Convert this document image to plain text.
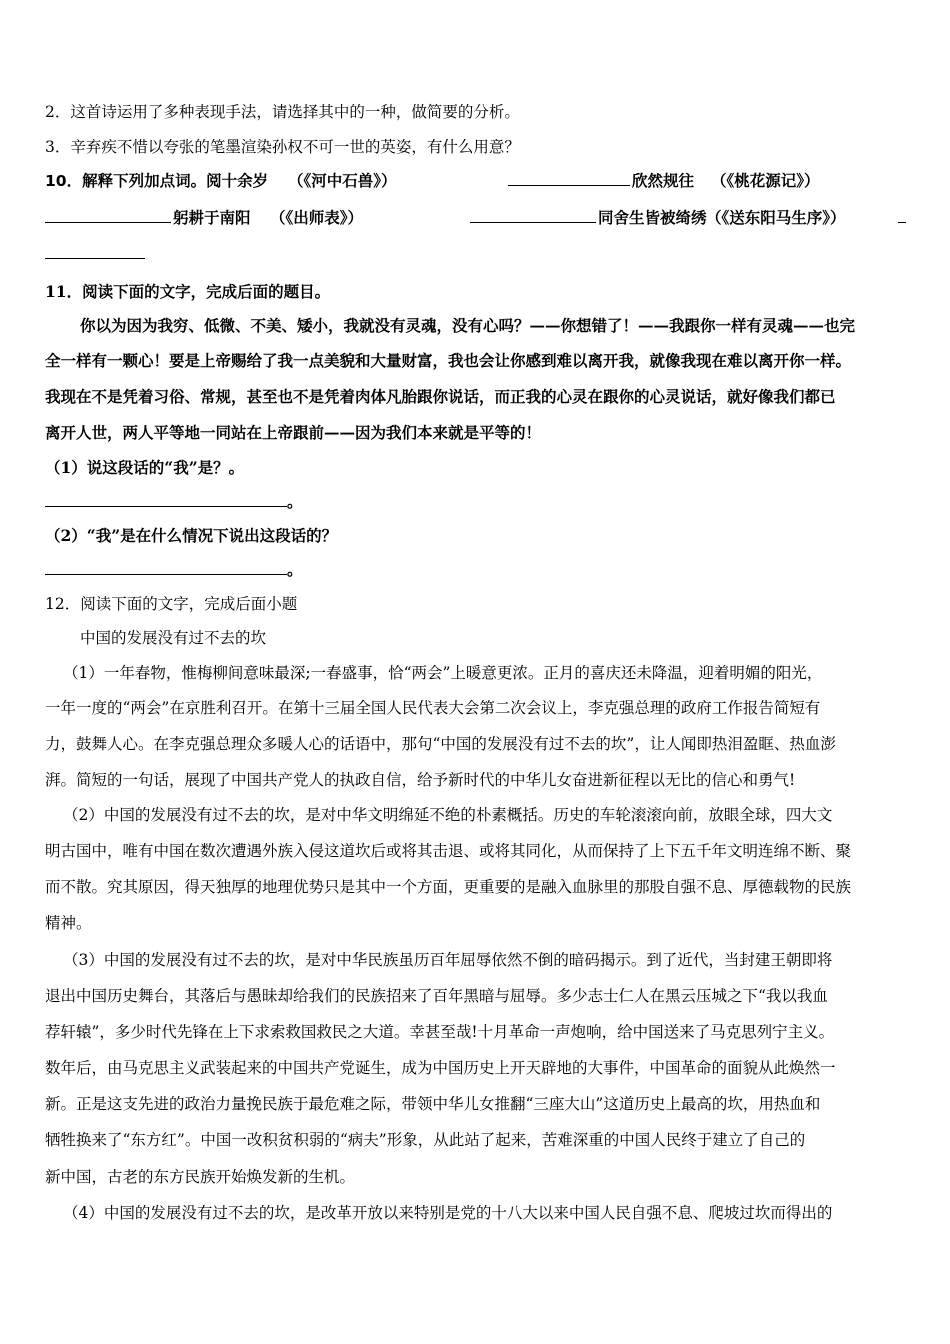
2．这首诗运用了多种表现手法，请选择其中的一种，做简要的分析。
3．辛弃疾不惜以夸张的笔墨渲染孙权不可一世的英姿，有什么用意？
10．解释下列加点词。阅十余岁 （《河中石兽》）	欣然规往 （《桃花源记》）
躬耕于南阳 （《出师表》）	同舍生皆被绮绣 （《送东阳马生序》）
11．阅读下面的文字，完成后面的题目。
你以为因为我穷、低微、不美、矮小，我就没有灵魂，没有心吗？——你想错了！——我跟你一样有灵魂——也完
全一样有一颗心！要是上帝赐给了我一点美貌和大量财富，我也会让你感到难以离开我，就像我现在难以离开你一样。
我现在不是凭着习俗、常规，甚至也不是凭着肉体凡胎跟你说话，而正我的心灵在跟你的心灵说话，就好像我们都已
离开人世，两人平等地一同站在上帝跟前——因为我们本来就是平等的！
（1）说这段话的“我”是？。
。
（2）“我”是在什么情况下说出这段话的？
。
12．阅读下面的文字，完成后面小题
中国的发展没有过不去的坎
（1）一年春物，惟梅柳间意味最深;一春盛事，恰“两会”上暖意更浓。正月的喜庆还未降温，迎着明媚的阳光，
一年一度的“两会”在京胜利召开。在第十三届全国人民代表大会第二次会议上，李克强总理的政府工作报告简短有
力，鼓舞人心。在李克强总理众多暖人心的话语中，那句“中国的发展没有过不去的坎”，让人闻即热泪盈眶、热血澎
湃。简短的一句话，展现了中国共产党人的执政自信，给予新时代的中华儿女奋进新征程以无比的信心和勇气!
（2）中国的发展没有过不去的坎，是对中华文明绵延不绝的朴素概括。历史的车轮滚滚向前，放眼全球，四大文
明古国中，唯有中国在数次遭遇外族入侵这道坎后或将其击退、或将其同化，从而保持了上下五千年文明连绵不断、聚
而不散。究其原因，得天独厚的地理优势只是其中一个方面，更重要的是融入血脉里的那股自强不息、厚德载物的民族
精神。
（3）中国的发展没有过不去的坎，是对中华民族虽历百年屈辱依然不倒的暗码揭示。到了近代，当封建王朝即将
退出中国历史舞台，其落后与愚昧却给我们的民族招来了百年黑暗与屈辱。多少志士仁人在黑云压城之下“我以我血
荐轩辕”，多少时代先锋在上下求索救国救民之大道。幸甚至哉!十月革命一声炮响，给中国送来了马克思列宁主义。
数年后，由马克思主义武装起来的中国共产党诞生，成为中国历史上开天辟地的大事件，中国革命的面貌从此焕然一
新。正是这支先进的政治力量挽民族于最危难之际，带领中华儿女推翻“三座大山”这道历史上最高的坎，用热血和
牺牲换来了“东方红”。中国一改积贫积弱的“病夫”形象，从此站了起来，苦难深重的中国人民终于建立了自己的
新中国，古老的东方民族开始焕发新的生机。
（4）中国的发展没有过不去的坎，是改革开放以来特别是党的十八大以来中国人民自强不息、爬坡过坎而得出的
